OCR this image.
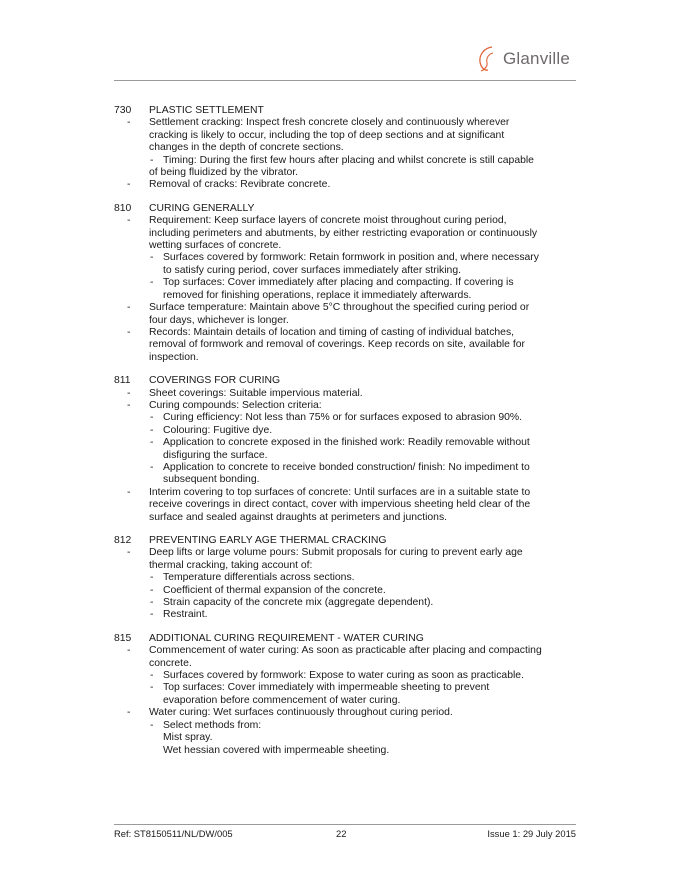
Glanville
730	PLASTIC SETTLEMENT
- Settlement cracking: Inspect fresh concrete closely and continuously wherever
cracking is likely to occur, including the top of deep sections and at significant
changes in the depth of concrete sections.
- Timing: During the first few hours after placing and whilst concrete is still capable
of being fluidized by the vibrator.
- Removal of cracks: Revibrate concrete.
810	CURING GENERALLY
- Requirement: Keep surface layers of concrete moist throughout curing period,
including perimeters and abutments, by either restricting evaporation or continuously
wetting surfaces of concrete.
- Surfaces covered by formwork: Retain formwork in position and, where necessary
to satisfy curing period, cover surfaces immediately after striking.
- Top surfaces: Cover immediately after placing and compacting. If covering is
removed for finishing operations, replace it immediately afterwards.
- Surface temperature: Maintain above 5°C throughout the specified curing period or
four days, whichever is longer.
- Records: Maintain details of location and timing of casting of individual batches,
removal of formwork and removal of coverings. Keep records on site, available for
inspection.
811	COVERINGS FOR CURING
- Sheet coverings: Suitable impervious material.
- Curing compounds: Selection criteria:
- Curing efficiency: Not less than 75% or for surfaces exposed to abrasion 90%.
- Colouring: Fugitive dye.
- Application to concrete exposed in the finished work: Readily removable without
disfiguring the surface.
- Application to concrete to receive bonded construction/ finish: No impediment to
subsequent bonding.
- Interim covering to top surfaces of concrete: Until surfaces are in a suitable state to
receive coverings in direct contact, cover with impervious sheeting held clear of the
surface and sealed against draughts at perimeters and junctions.
812	PREVENTING EARLY AGE THERMAL CRACKING
- Deep lifts or large volume pours: Submit proposals for curing to prevent early age
thermal cracking, taking account of:
- Temperature differentials across sections.
- Coefficient of thermal expansion of the concrete.
- Strain capacity of the concrete mix (aggregate dependent).
- Restraint.
815	ADDITIONAL CURING REQUIREMENT - WATER CURING
- Commencement of water curing: As soon as practicable after placing and compacting
concrete.
- Surfaces covered by formwork: Expose to water curing as soon as practicable.
- Top surfaces: Cover immediately with impermeable sheeting to prevent
evaporation before commencement of water curing.
- Water curing: Wet surfaces continuously throughout curing period.
- Select methods from:
Mist spray.
Wet hessian covered with impermeable sheeting.
Ref: ST8150511/NL/DW/005	22	Issue 1: 29 July 2015
